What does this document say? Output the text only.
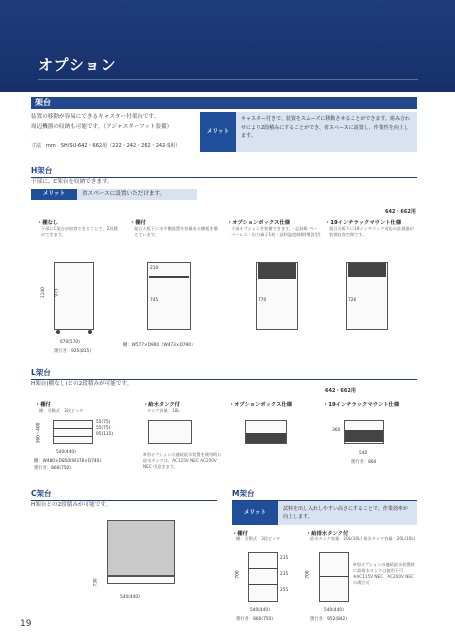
オプション
架台
装置の移動が容易にできるキャスター付架台です。
周辺機器の収納も可能です。（アジャスターフット装備）
寸法　mm　SH/SU-642・662用（222・242・262・242-S用）
メリット
キャスター付きで、装置をスムーズに移動させることができます。組み合わせにより2段積みにすることができ、省スペースに設置し、作業性を向上します。
H架台
下部に、C架台を収納できます。
メリット	省スペースに設置いただけます。
642・662用
・棚なし
下部にC架台が収容できることで、2段積ができます。
・棚付
架台天板下に水平棚設置を容量ある棚板を備えています。
・オプションボックス仕様
下部オプションを装備できます。・記録紙 ペーパーレス・出力端子1枚・試料温度制御(増設型)
・19インチラックマウント仕様
架台天板下に19インチラック対応の計測器が装着収容空間です。
1140 975
670(570)
奥行き：925(815)
210
745
棚：W577×D900（W473×D790）
770	726
L架台
H架台(棚なし)との2段積みが可能です。
642・662用
・棚付
棚：可動式　3段ピッチ
・給水タンク付
タンク容量：18L
・オプションボックス仕様	・19インチラックマウント仕様
360～400
55(75)
55(75)
95(115)
540(440)
棚：W480×D850(W378×D740)
奥行き：860(750)
※別オプションの連続給水装置を使用時に給水タンクは、AC115V NEC AC200V NEC 用意きます。
360
540
奥行き：860
C架台
H架台との2段積みが可能です。
730
540(440)
M架台
メリット
試料を出し入れしやすい高さにすることで、作業効率が向上します。
・棚付
棚：可動式　3段ピッチ
・給排水タンク付
給水タンク容量：20L(10L) 排水タンク容量：20L(10L)
700
235
235
255
540(440)
奥行き：860(750)
700
※別オプションの連続給水装置時に給排水タンクは使用不可 ※AC115V NEC、AC200V NECの場合可
540(440)
奥行き：952(842)
19
